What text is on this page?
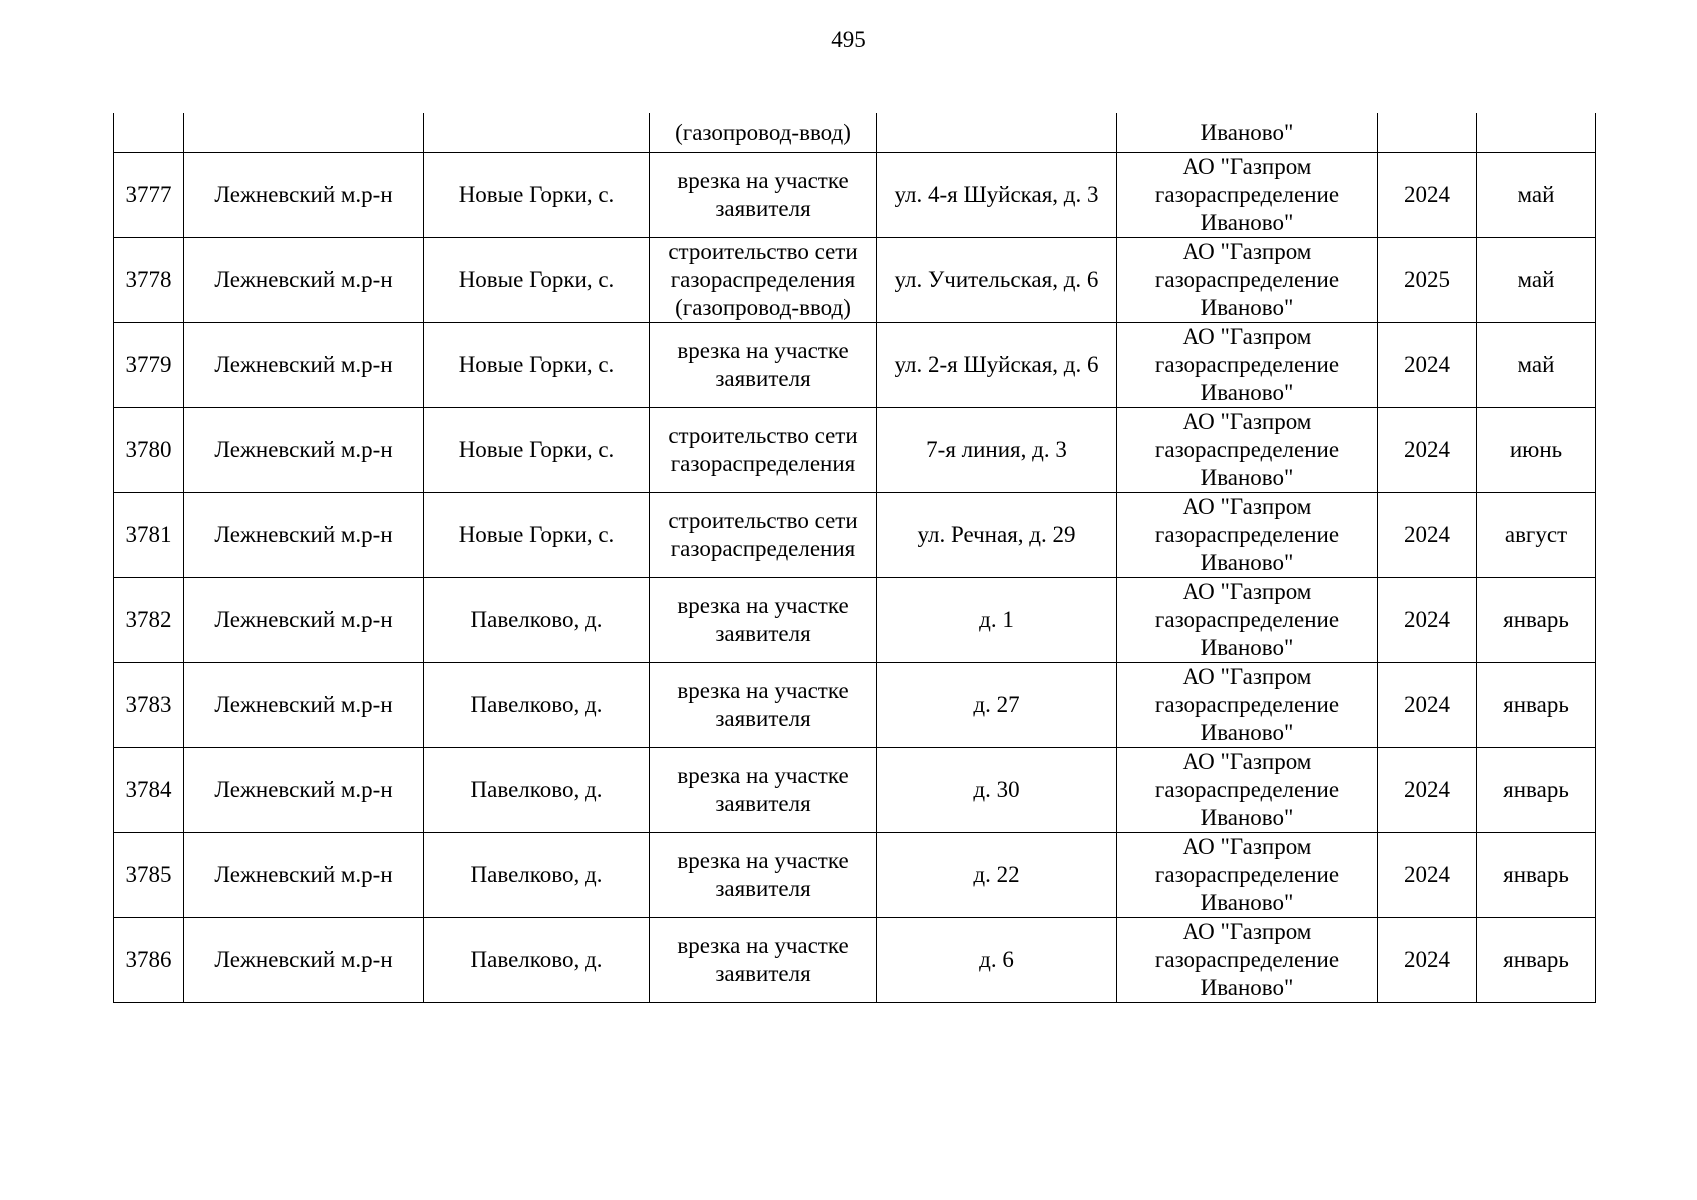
495
			(газопровод-ввод)		Иваново"		
3777	Лежневский м.р-н	Новые Горки, с.	врезка на участке заявителя	ул. 4-я Шуйская, д. 3	АО "Газпром газораспределение Иваново"	2024	май
3778	Лежневский м.р-н	Новые Горки, с.	строительство сети газораспределения (газопровод-ввод)	ул. Учительская, д. 6	АО "Газпром газораспределение Иваново"	2025	май
3779	Лежневский м.р-н	Новые Горки, с.	врезка на участке заявителя	ул. 2-я Шуйская, д. 6	АО "Газпром газораспределение Иваново"	2024	май
3780	Лежневский м.р-н	Новые Горки, с.	строительство сети газораспределения	7-я линия, д. 3	АО "Газпром газораспределение Иваново"	2024	июнь
3781	Лежневский м.р-н	Новые Горки, с.	строительство сети газораспределения	ул. Речная, д. 29	АО "Газпром газораспределение Иваново"	2024	август
3782	Лежневский м.р-н	Павелково, д.	врезка на участке заявителя	д. 1	АО "Газпром газораспределение Иваново"	2024	январь
3783	Лежневский м.р-н	Павелково, д.	врезка на участке заявителя	д. 27	АО "Газпром газораспределение Иваново"	2024	январь
3784	Лежневский м.р-н	Павелково, д.	врезка на участке заявителя	д. 30	АО "Газпром газораспределение Иваново"	2024	январь
3785	Лежневский м.р-н	Павелково, д.	врезка на участке заявителя	д. 22	АО "Газпром газораспределение Иваново"	2024	январь
3786	Лежневский м.р-н	Павелково, д.	врезка на участке заявителя	д. 6	АО "Газпром газораспределение Иваново"	2024	январь
